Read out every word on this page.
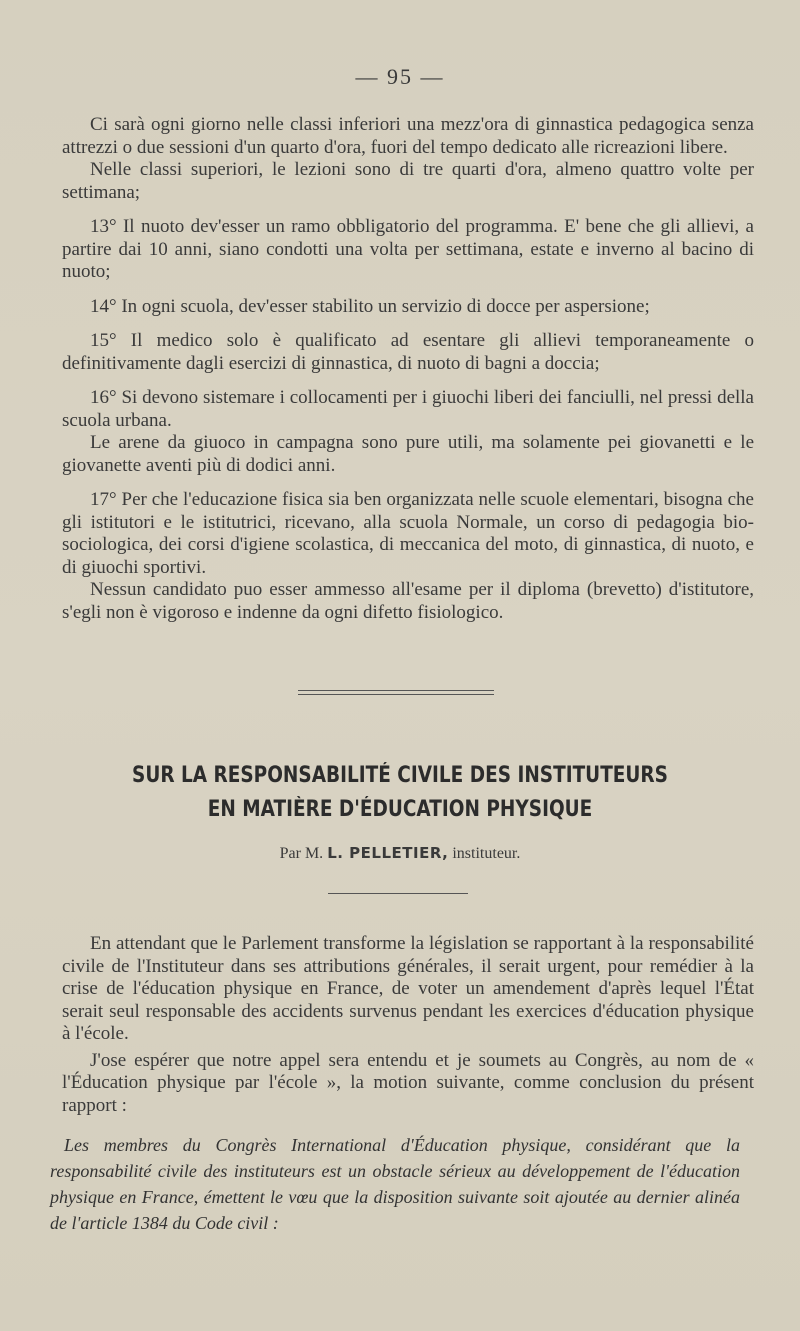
— 95 —

Ci sarà ogni giorno nelle classi inferiori una mezz'ora di ginnastica pedagogica senza attrezzi o due sessioni d'un quarto d'ora, fuori del tempo dedicato alle ricreazioni libere.

Nelle classi superiori, le lezioni sono di tre quarti d'ora, almeno quattro volte per settimana;

13° Il nuoto dev'esser un ramo obbligatorio del programma. E' bene che gli allievi, a partire dai 10 anni, siano condotti una volta per settimana, estate e inverno al bacino di nuoto;

14° In ogni scuola, dev'esser stabilito un servizio di docce per aspersione;

15° Il medico solo è qualificato ad esentare gli allievi temporaneamente o definitivamente dagli esercizi di ginnastica, di nuoto di bagni a doccia;

16° Si devono sistemare i collocamenti per i giuochi liberi dei fanciulli, nel pressi della scuola urbana.

Le arene da giuoco in campagna sono pure utili, ma solamente pei giovanetti e le giovanette aventi più di dodici anni.

17° Per che l'educazione fisica sia ben organizzata nelle scuole elementari, bisogna che gli istitutori e le istitutrici, ricevano, alla scuola Normale, un corso di pedagogia bio-sociologica, dei corsi d'igiene scolastica, di meccanica del moto, di ginnastica, di nuoto, e di giuochi sportivi.

Nessun candidato puo esser ammesso all'esame per il diploma (brevetto) d'istitutore, s'egli non è vigoroso e indenne da ogni difetto fisiologico.

SUR LA RESPONSABILITÉ CIVILE DES INSTITUTEURS
EN MATIÈRE D'ÉDUCATION PHYSIQUE
Par M. L. PELLETIER, instituteur.

En attendant que le Parlement transforme la législation se rapportant à la responsabilité civile de l'Instituteur dans ses attributions générales, il serait urgent, pour remédier à la crise de l'éducation physique en France, de voter un amendement d'après lequel l'État serait seul responsable des accidents survenus pendant les exercices d'éducation physique à l'école.

J'ose espérer que notre appel sera entendu et je soumets au Congrès, au nom de « l'Éducation physique par l'école », la motion suivante, comme conclusion du présent rapport :

Les membres du Congrès International d'Éducation physique, considérant que la responsabilité civile des instituteurs est un obstacle sérieux au développement de l'éducation physique en France, émettent le vœu que la disposition suivante soit ajoutée au dernier alinéa de l'article 1384 du Code civil :
